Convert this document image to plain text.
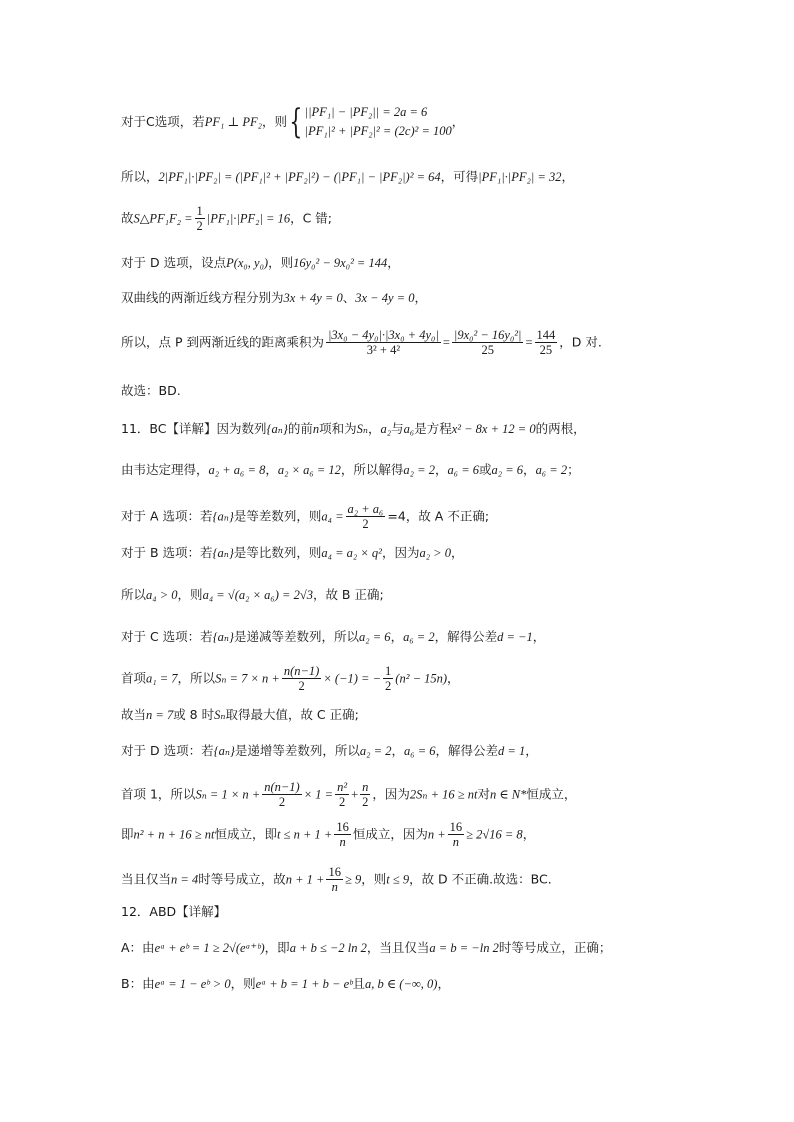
对于C选项，若PF₁ ⊥ PF₂，则{ ||PF₁| − |PF₂|| = 2a = 6
|PF₁|² + |PF₂|² = (2c)² = 100
，
所以，2|PF₁|·|PF₂| = (|PF₁|² + |PF₂|²) − (|PF₁| − |PF₂|)² = 64，可得|PF₁|·|PF₂| = 32，
故S△PF₁F₂ = $\frac{1}{2} |PF_1|\cdot|PF_2| = 16$，C 错;
对于 D 选项，设点P(x₀, y₀)，则16y₀² − 9x₀² = 144，
双曲线的两渐近线方程分别为3x + 4y = 0、3x − 4y = 0，
所以，点 P 到两渐近线的距离乘积为 $\frac{\text{|3x₀ − 4y₀|·|3x₀ + 4y₀|}}{\text{3² + 4²}} = \frac{\text{|9x₀² − 16y₀²|}}{25} = \frac{144}{25}$ ，D 对.
故选：BD.
11．BC【详解】因为数列{aₙ}的前n项和为Sₙ，a₂与a₆是方程x² − 8x + 12 = 0的两根，
由韦达定理得，a₂ + a₆ = 8，a₂ × a₆ = 12，所以解得a₂ = 2，a₆ = 6或a₂ = 6，a₆ = 2；
对于 A 选项：若{aₙ}是等差数列，则$a_4 = \frac{\text{a₂ + a₆}}{2} =4$，故 A 不正确;
对于 B 选项：若{aₙ}是等比数列，则a₄ = a₂ × q²，因为a₂ > 0，
所以a₄ > 0，则a₄ = √(a₂ × a₆) = 2√3，故 B 正确;
对于 C 选项：若{aₙ}是递减等差数列，所以a₂ = 6，a₆ = 2，解得公差d = −1，
首项a₁ = 7，所以$S_n = 7 \times n + \frac{n(n-1)}{2} \times (-1)$ = − $\frac{1}{2} (n^2 - 15n)$，
故当n = 7或 8 时Sₙ取得最大值，故 C 正确;
对于 D 选项：若{aₙ}是递增等差数列，所以a₂ = 2，a₆ = 6，解得公差d = 1，
首项 1，所以$S_n = 1 \times n + \frac{n(n-1)}{2} \times 1 = \frac{\text{n²}}{2} + \frac{n}{2}$ ，因为2Sₙ + 16 ≥ nt对n ∈ N*恒成立，
即n² + n + 16 ≥ nt恒成立，即$t \le n + 1 + \frac{16}{n}$ 恒成立，因为$n + \frac{16}{n} \ge 2√16 = 8$，
当且仅当n = 4时等号成立，故$n + 1 + \frac{16}{n} \ge 9$，则t ≤ 9，故 D 不正确.故选：BC.
12．ABD【详解】
A：由eᵃ + eᵇ = 1 ≥ 2√(eᵃ⁺ᵇ)，即a + b ≤ −2 ln 2，当且仅当a = b = −ln 2时等号成立，正确；
B：由eᵃ = 1 − eᵇ > 0，则eᵃ + b = 1 + b − eᵇ且a, b ∈ (−∞, 0)，
